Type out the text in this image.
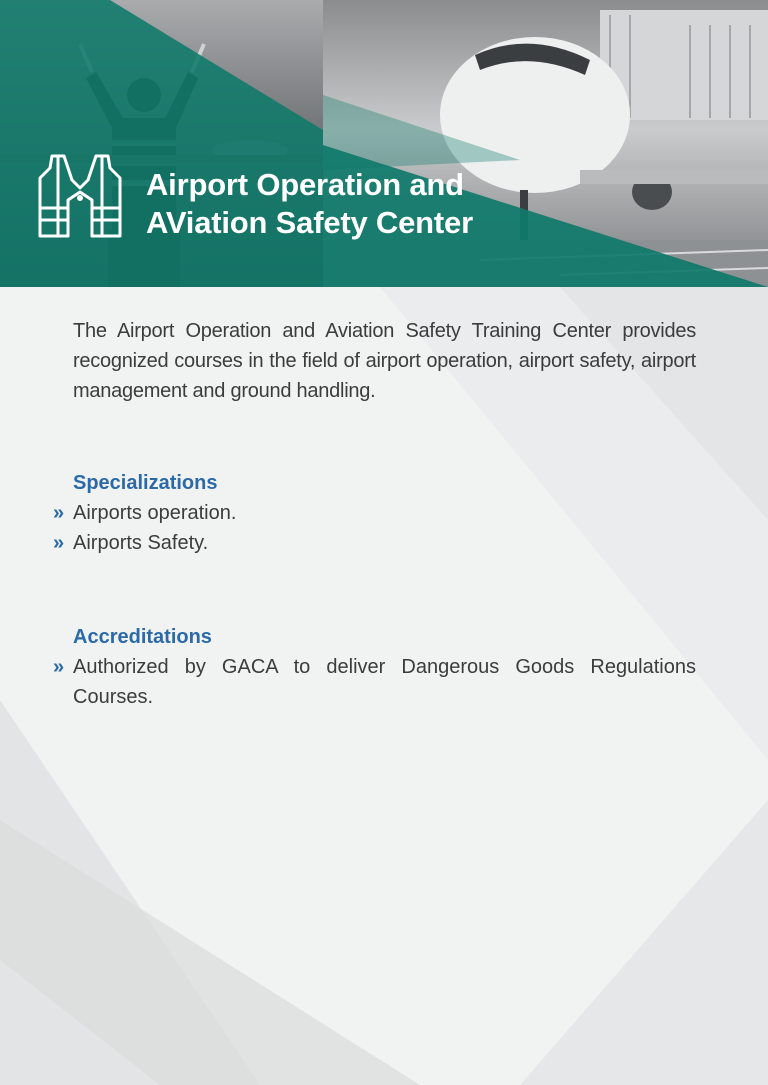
Airport Operation and
AViation Safety Center

The Airport Operation and Aviation Safety Training Center provides recognized courses in the field of airport operation, airport safety, airport management and ground handling.

Specializations
» Airports operation.
» Airports Safety.
Accreditations
» Authorized by GACA to deliver Dangerous Goods Regulations Courses.
